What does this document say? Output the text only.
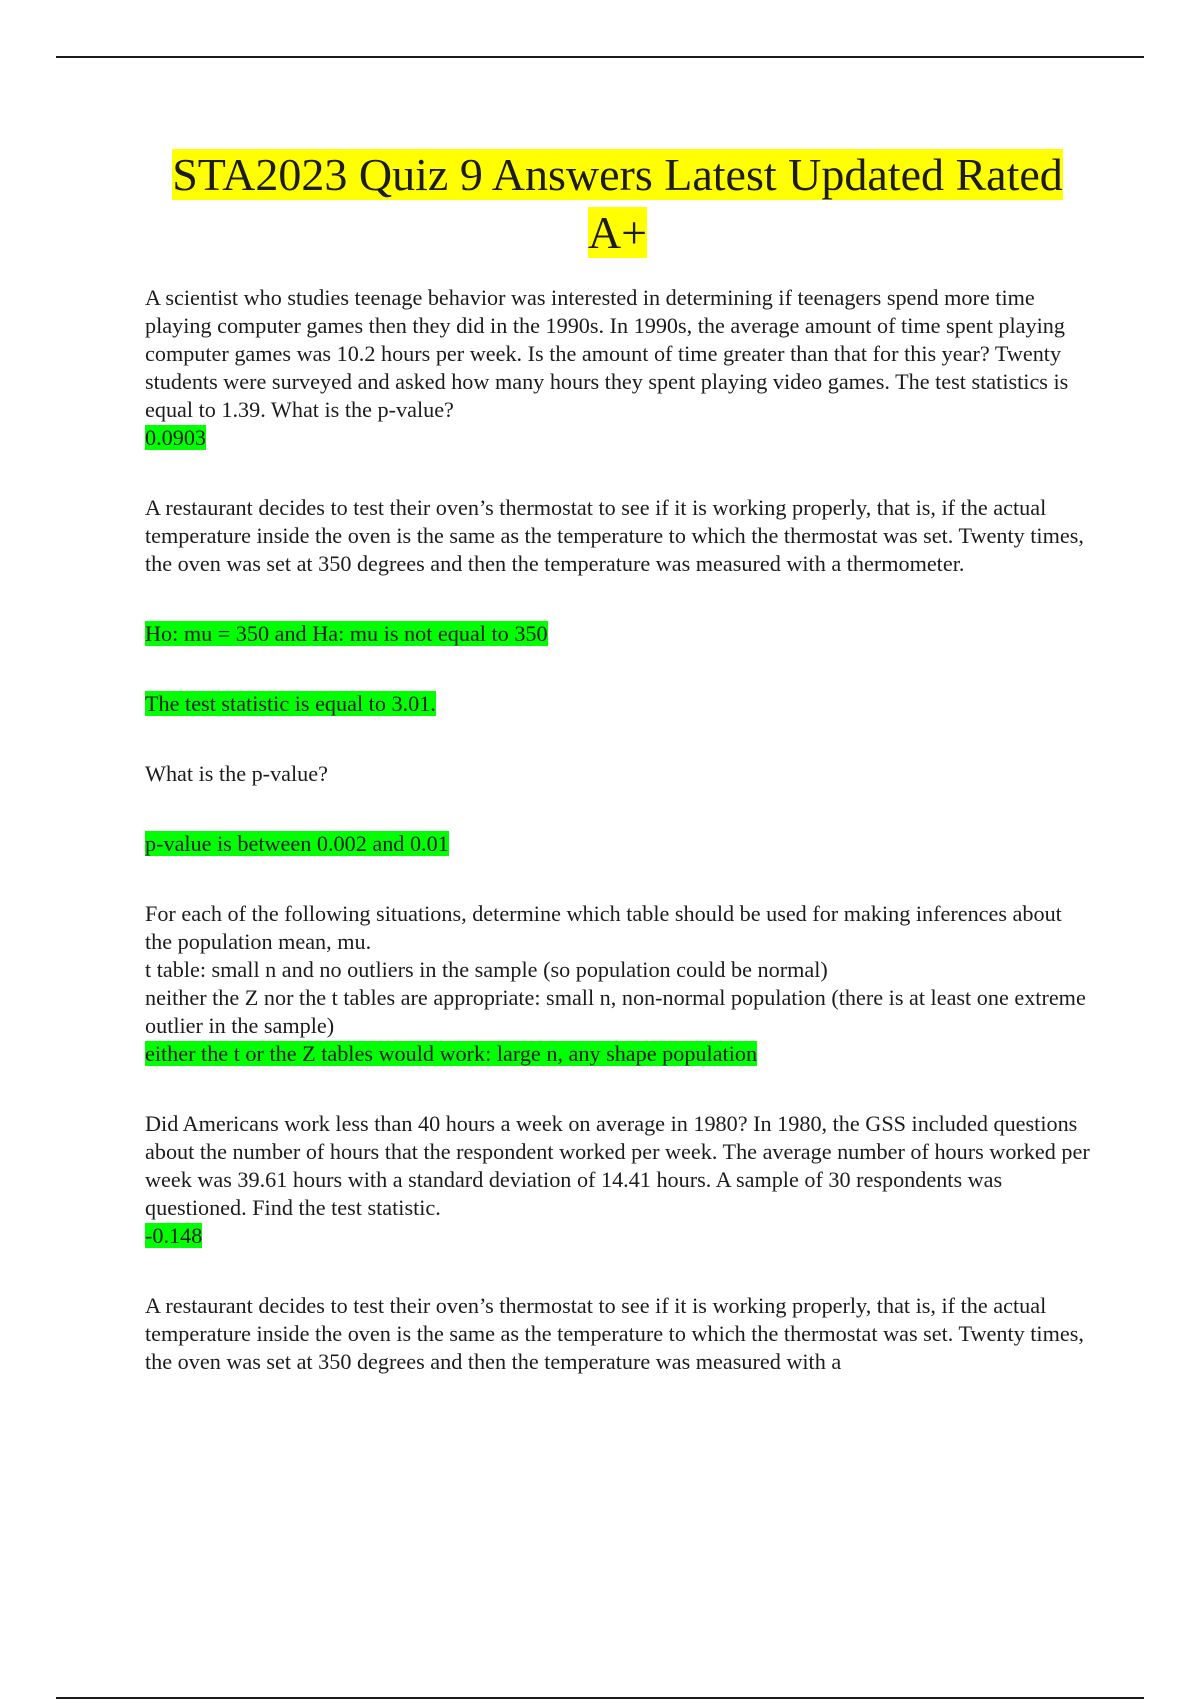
STA2023 Quiz 9 Answers Latest Updated Rated A+

A scientist who studies teenage behavior was interested in determining if teenagers spend more time playing computer games then they did in the 1990s. In 1990s, the average amount of time spent playing computer games was 10.2 hours per week. Is the amount of time greater than that for this year? Twenty students were surveyed and asked how many hours they spent playing video games. The test statistics is equal to 1.39. What is the p-value?

0.0903

A restaurant decides to test their oven’s thermostat to see if it is working properly, that is, if the actual temperature inside the oven is the same as the temperature to which the thermostat was set. Twenty times, the oven was set at 350 degrees and then the temperature was measured with a thermometer.

Ho: mu = 350 and Ha: mu is not equal to 350

The test statistic is equal to 3.01.

What is the p-value?

p-value is between 0.002 and 0.01

For each of the following situations, determine which table should be used for making inferences about the population mean, mu.

t table: small n and no outliers in the sample (so population could be normal)

neither the Z nor the t tables are appropriate: small n, non-normal population (there is at least one extreme outlier in the sample)

either the t or the Z tables would work: large n, any shape population

Did Americans work less than 40 hours a week on average in 1980? In 1980, the GSS included questions about the number of hours that the respondent worked per week. The average number of hours worked per week was 39.61 hours with a standard deviation of 14.41 hours. A sample of 30 respondents was questioned. Find the test statistic.

-0.148

A restaurant decides to test their oven’s thermostat to see if it is working properly, that is, if the actual temperature inside the oven is the same as the temperature to which the thermostat was set. Twenty times, the oven was set at 350 degrees and then the temperature was measured with a
